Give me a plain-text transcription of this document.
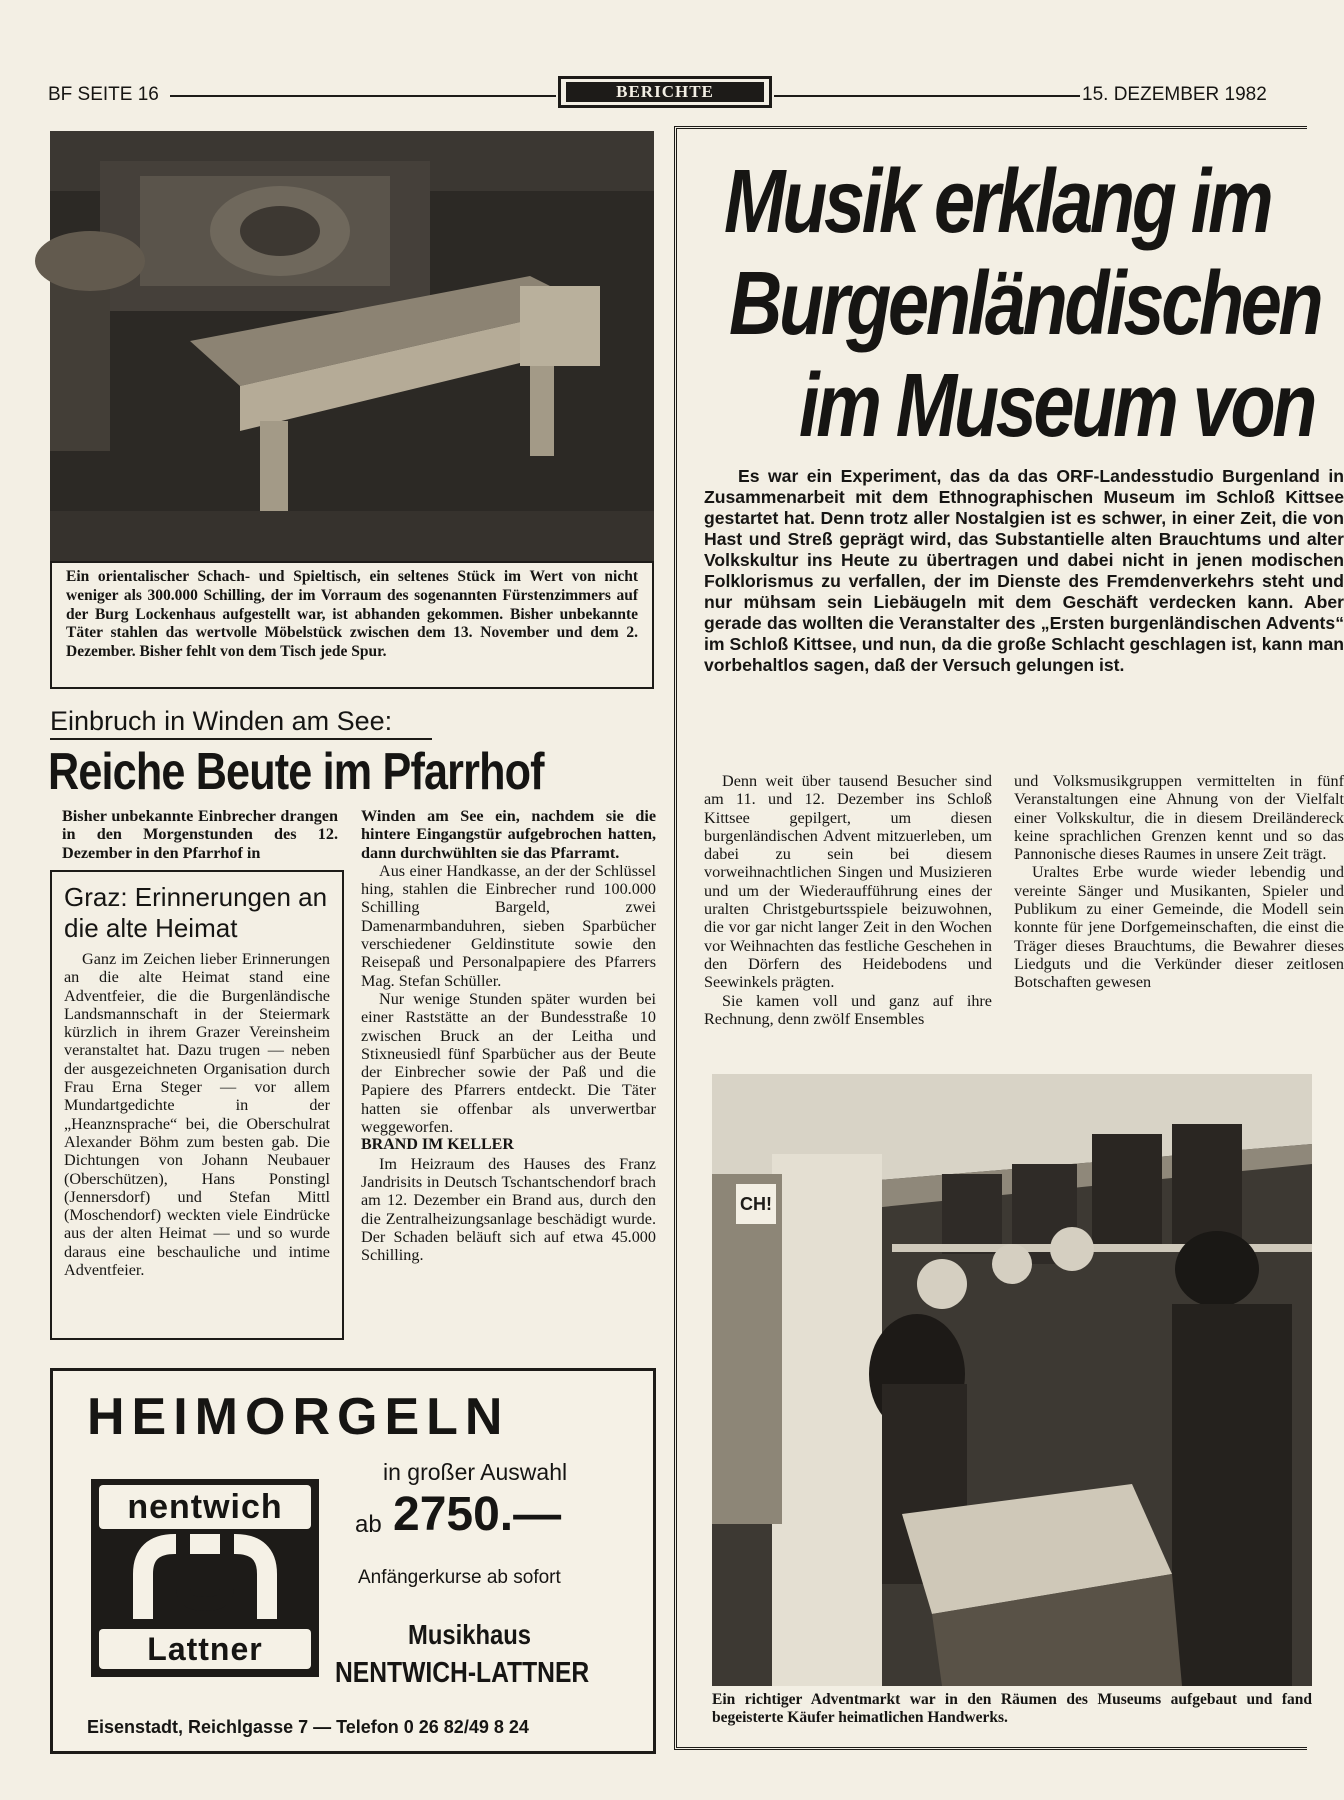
BF SEITE 16	BERICHTE	15. DEZEMBER 1982
Ein orientalischer Schach- und Spieltisch, ein seltenes Stück im Wert von nicht weniger als 300.000 Schilling, der im Vorraum des sogenannten Fürstenzimmers auf der Burg Lockenhaus aufgestellt war, ist abhanden gekommen. Bisher unbekannte Täter stahlen das wertvolle Möbelstück zwischen dem 13. November und dem 2. Dezember. Bisher fehlt von dem Tisch jede Spur.
Einbruch in Winden am See:
Reiche Beute im Pfarrhof
Bisher unbekannte Einbrecher drangen in den Morgenstunden des 12. Dezember in den Pfarrhof in

Winden am See ein, nachdem sie die hintere Eingangstür aufgebrochen hatten, dann durchwühlten sie das Pfarramt.

Aus einer Handkasse, an der der Schlüssel hing, stahlen die Einbrecher rund 100.000 Schilling Bargeld, zwei Damenarmbanduhren, sieben Sparbücher verschiedener Geldinstitute sowie den Reisepaß und Personalpapiere des Pfarrers Mag. Stefan Schüller.

Nur wenige Stunden später wurden bei einer Raststätte an der Bundesstraße 10 zwischen Bruck an der Leitha und Stixneusiedl fünf Sparbücher aus der Beute der Einbrecher sowie der Paß und die Papiere des Pfarrers entdeckt. Die Täter hatten sie offenbar als unverwertbar weggeworfen.

BRAND IM KELLER

Im Heizraum des Hauses des Franz Jandrisits in Deutsch Tschantschendorf brach am 12. Dezember ein Brand aus, durch den die Zentralheizungsanlage beschädigt wurde. Der Schaden beläuft sich auf etwa 45.000 Schilling.

Graz: Erinnerungen an die alte Heimat
Ganz im Zeichen lieber Erinnerungen an die alte Heimat stand eine Adventfeier, die die Burgenländische Landsmannschaft in der Steiermark kürzlich in ihrem Grazer Vereinsheim veranstaltet hat. Dazu trugen — neben der ausgezeichneten Organisation durch Frau Erna Steger — vor allem Mundartgedichte in der „Heanznsprache“ bei, die Oberschulrat Alexander Böhm zum besten gab. Die Dichtungen von Johann Neubauer (Oberschützen), Hans Ponstingl (Jennersdorf) und Stefan Mittl (Moschendorf) weckten viele Eindrücke aus der alten Heimat — und so wurde daraus eine beschauliche und intime Adventfeier.
HEIMORGELN
in großer Auswahl
nentwich
Lattner
ab 2750.—
Anfängerkurse ab sofort
Musikhaus
NENTWICH-LATTNER
Eisenstadt, Reichlgasse 7 — Telefon 0 26 82/49 8 24
Musik erklang im
Burgenländischen
im Museum von
Es war ein Experiment, das da das ORF-Landesstudio Burgenland in Zusammenarbeit mit dem Ethnographischen Museum im Schloß Kittsee gestartet hat. Denn trotz aller Nostalgien ist es schwer, in einer Zeit, die von Hast und Streß geprägt wird, das Substantielle alten Brauchtums und alter Volkskultur ins Heute zu übertragen und dabei nicht in jenen modischen Folklorismus zu verfallen, der im Dienste des Fremdenverkehrs steht und nur mühsam sein Liebäugeln mit dem Geschäft verdecken kann. Aber gerade das wollten die Veranstalter des „Ersten burgenländischen Advents“ im Schloß Kittsee, und nun, da die große Schlacht geschlagen ist, kann man vorbehaltlos sagen, daß der Versuch gelungen ist.

Denn weit über tausend Besucher sind am 11. und 12. Dezember ins Schloß Kittsee gepilgert, um diesen burgenländischen Advent mitzuerleben, um dabei zu sein bei diesem vorweihnachtlichen Singen und Musizieren und um der Wiederaufführung eines der uralten Christgeburtsspiele beizuwohnen, die vor gar nicht langer Zeit in den Wochen vor Weihnachten das festliche Geschehen in den Dörfern des Heidebodens und Seewinkels prägten.

Sie kamen voll und ganz auf ihre Rechnung, denn zwölf Ensembles

und Volksmusikgruppen vermittelten in fünf Veranstaltungen eine Ahnung von der Vielfalt einer Volkskultur, die in diesem Dreiländereck keine sprachlichen Grenzen kennt und so das Pannonische dieses Raumes in unsere Zeit trägt.

Uraltes Erbe wurde wieder lebendig und vereinte Sänger und Musikanten, Spieler und Publikum zu einer Gemeinde, die Modell sein konnte für jene Dorfgemeinschaften, die einst die Träger dieses Brauchtums, die Bewahrer dieses Liedguts und die Verkünder dieser zeitlosen Botschaften gewesen

CH!
Ein richtiger Adventmarkt war in den Räumen des Museums aufgebaut und fand begeisterte Käufer heimatlichen Handwerks.
